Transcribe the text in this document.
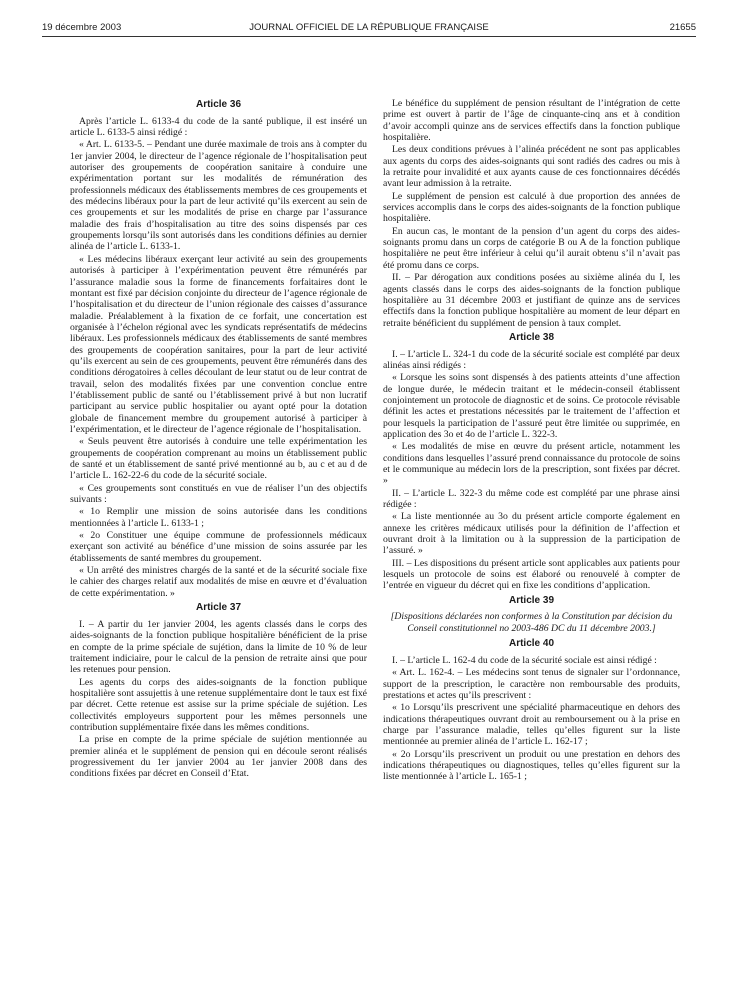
19 décembre 2003	JOURNAL OFFICIEL DE LA RÉPUBLIQUE FRANÇAISE	21655
Article 36

Après l’article L. 6133-4 du code de la santé publique, il est inséré un article L. 6133-5 ainsi rédigé :

« Art. L. 6133-5. – Pendant une durée maximale de trois ans à compter du 1er janvier 2004, le directeur de l’agence régionale de l’hospitalisation peut autoriser des groupements de coopération sanitaire à conduire une expérimentation portant sur les modalités de rémunération des professionnels médicaux des établissements membres de ces groupements et des médecins libéraux pour la part de leur activité qu’ils exercent au sein de ces groupements et sur les modalités de prise en charge par l’assurance maladie des frais d’hospitalisation au titre des soins dispensés par ces groupements lorsqu’ils sont autorisés dans les conditions définies au dernier alinéa de l’article L. 6133-1.

« Les médecins libéraux exerçant leur activité au sein des groupements autorisés à participer à l’expérimentation peuvent être rémunérés par l’assurance maladie sous la forme de financements forfaitaires dont le montant est fixé par décision conjointe du directeur de l’agence régionale de l’hospitalisation et du directeur de l’union régionale des caisses d’assurance maladie. Préalablement à la fixation de ce forfait, une concertation est organisée à l’échelon régional avec les syndicats représentatifs de médecins libéraux. Les professionnels médicaux des établissements de santé membres des groupements de coopération sanitaires, pour la part de leur activité qu’ils exercent au sein de ces groupements, peuvent être rémunérés dans des conditions dérogatoires à celles découlant de leur statut ou de leur contrat de travail, selon des modalités fixées par une convention conclue entre l’établissement public de santé ou l’établissement privé à but non lucratif participant au service public hospitalier ou ayant opté pour la dotation globale de financement membre du groupement autorisé à participer à l’expérimentation, et le directeur de l’agence régionale de l’hospitalisation.

« Seuls peuvent être autorisés à conduire une telle expérimentation les groupements de coopération comprenant au moins un établissement public de santé et un établissement de santé privé mentionné au b, au c et au d de l’article L. 162-22-6 du code de la sécurité sociale.

« Ces groupements sont constitués en vue de réaliser l’un des objectifs suivants :

« 1o Remplir une mission de soins autorisée dans les conditions mentionnées à l’article L. 6133-1 ;

« 2o Constituer une équipe commune de professionnels médicaux exerçant son activité au bénéfice d’une mission de soins assurée par les établissements de santé membres du groupement.

« Un arrêté des ministres chargés de la santé et de la sécurité sociale fixe le cahier des charges relatif aux modalités de mise en œuvre et d’évaluation de cette expérimentation. »

Article 37

I. – A partir du 1er janvier 2004, les agents classés dans le corps des aides-soignants de la fonction publique hospitalière bénéficient de la prise en compte de la prime spéciale de sujétion, dans la limite de 10 % de leur traitement indiciaire, pour le calcul de la pension de retraite ainsi que pour les retenues pour pension.

Les agents du corps des aides-soignants de la fonction publique hospitalière sont assujettis à une retenue supplémentaire dont le taux est fixé par décret. Cette retenue est assise sur la prime spéciale de sujétion. Les collectivités employeurs supportent pour les mêmes personnels une contribution supplémentaire fixée dans les mêmes conditions.

La prise en compte de la prime spéciale de sujétion mentionnée au premier alinéa et le supplément de pension qui en découle seront réalisés progressivement du 1er janvier 2004 au 1er janvier 2008 dans des conditions fixées par décret en Conseil d’Etat.

Le bénéfice du supplément de pension résultant de l’intégration de cette prime est ouvert à partir de l’âge de cinquante-cinq ans et à condition d’avoir accompli quinze ans de services effectifs dans la fonction publique hospitalière.

Les deux conditions prévues à l’alinéa précédent ne sont pas applicables aux agents du corps des aides-soignants qui sont radiés des cadres ou mis à la retraite pour invalidité et aux ayants cause de ces fonctionnaires décédés avant leur admission à la retraite.

Le supplément de pension est calculé à due proportion des années de services accomplis dans le corps des aides-soignants de la fonction publique hospitalière.

En aucun cas, le montant de la pension d’un agent du corps des aides-soignants promu dans un corps de catégorie B ou A de la fonction publique hospitalière ne peut être inférieur à celui qu’il aurait obtenu s’il n’avait pas été promu dans ce corps.

II. – Par dérogation aux conditions posées au sixième alinéa du I, les agents classés dans le corps des aides-soignants de la fonction publique hospitalière au 31 décembre 2003 et justifiant de quinze ans de services effectifs dans la fonction publique hospitalière au moment de leur départ en retraite bénéficient du supplément de pension à taux complet.

Article 38

I. – L’article L. 324-1 du code de la sécurité sociale est complété par deux alinéas ainsi rédigés :

« Lorsque les soins sont dispensés à des patients atteints d’une affection de longue durée, le médecin traitant et le médecin-conseil établissent conjointement un protocole de diagnostic et de soins. Ce protocole révisable définit les actes et prestations nécessités par le traitement de l’affection et pour lesquels la participation de l’assuré peut être limitée ou supprimée, en application des 3o et 4o de l’article L. 322-3.

« Les modalités de mise en œuvre du présent article, notamment les conditions dans lesquelles l’assuré prend connaissance du protocole de soins et le communique au médecin lors de la prescription, sont fixées par décret. »

II. – L’article L. 322-3 du même code est complété par une phrase ainsi rédigée :

« La liste mentionnée au 3o du présent article comporte également en annexe les critères médicaux utilisés pour la définition de l’affection et ouvrant droit à la limitation ou à la suppression de la participation de l’assuré. »

III. – Les dispositions du présent article sont applicables aux patients pour lesquels un protocole de soins est élaboré ou renouvelé à compter de l’entrée en vigueur du décret qui en fixe les conditions d’application.

Article 39

[Dispositions déclarées non conformes à la Constitution par décision du Conseil constitutionnel no 2003-486 DC du 11 décembre 2003.]

Article 40

I. – L’article L. 162-4 du code de la sécurité sociale est ainsi rédigé :

« Art. L. 162-4. – Les médecins sont tenus de signaler sur l’ordonnance, support de la prescription, le caractère non remboursable des produits, prestations et actes qu’ils prescrivent :

« 1o Lorsqu’ils prescrivent une spécialité pharmaceutique en dehors des indications thérapeutiques ouvrant droit au remboursement ou à la prise en charge par l’assurance maladie, telles qu’elles figurent sur la liste mentionnée au premier alinéa de l’article L. 162-17 ;

« 2o Lorsqu’ils prescrivent un produit ou une prestation en dehors des indications thérapeutiques ou diagnostiques, telles qu’elles figurent sur la liste mentionnée à l’article L. 165-1 ;
